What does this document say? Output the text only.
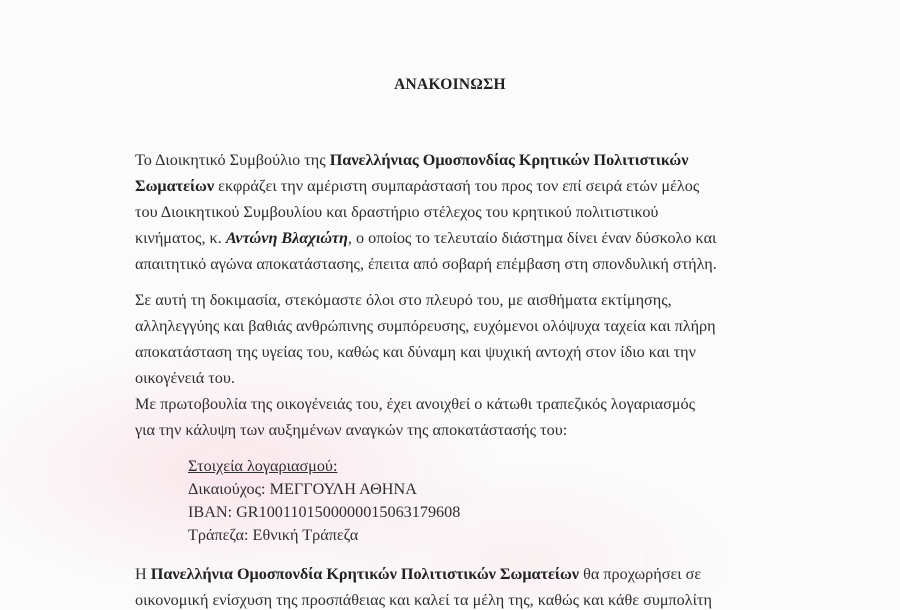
ΑΝΑΚΟΙΝΩΣΗ
Το Διοικητικό Συμβούλιο της Πανελλήνιας Ομοσπονδίας Κρητικών Πολιτιστικών
Σωματείων εκφράζει την αμέριστη συμπαράστασή του προς τον επί σειρά ετών μέλος
του Διοικητικού Συμβουλίου και δραστήριο στέλεχος του κρητικού πολιτιστικού
κινήματος, κ. Αντώνη Βλαχιώτη, ο οποίος το τελευταίο διάστημα δίνει έναν δύσκολο και
απαιτητικό αγώνα αποκατάστασης, έπειτα από σοβαρή επέμβαση στη σπονδυλική στήλη.
Σε αυτή τη δοκιμασία, στεκόμαστε όλοι στο πλευρό του, με αισθήματα εκτίμησης,
αλληλεγγύης και βαθιάς ανθρώπινης συμπόρευσης, ευχόμενοι ολόψυχα ταχεία και πλήρη
αποκατάσταση της υγείας του, καθώς και δύναμη και ψυχική αντοχή στον ίδιο και την
οικογένειά του.
Με πρωτοβουλία της οικογένειάς του, έχει ανοιχθεί ο κάτωθι τραπεζικός λογαριασμός
για την κάλυψη των αυξημένων αναγκών της αποκατάστασής του:
Στοιχεία λογαριασμού:
Δικαιούχος: ΜΕΓΓΟΥΛΗ ΑΘΗΝΑ
IBAN: GR1001101500000015063179608
Τράπεζα: Εθνική Τράπεζα
Η Πανελλήνια Ομοσπονδία Κρητικών Πολιτιστικών Σωματείων θα προχωρήσει σε
οικονομική ενίσχυση της προσπάθειας και καλεί τα μέλη της, καθώς και κάθε συμπολίτη
